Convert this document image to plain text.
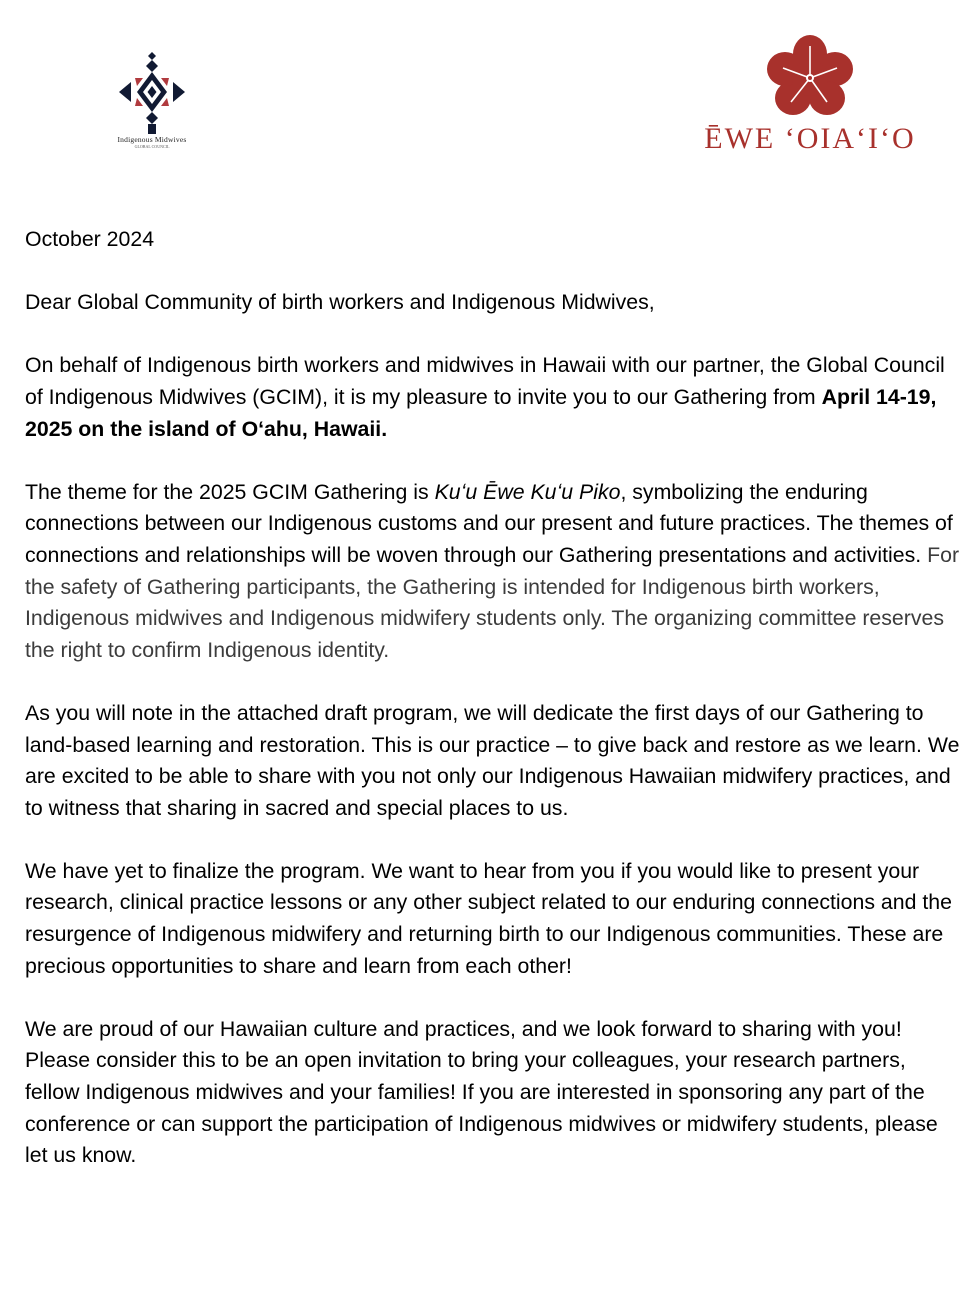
Indigenous Midwives
GLOBAL COUNCIL	ĒWE ʻOIAʻIʻO

October 2024

Dear Global Community of birth workers and Indigenous Midwives,

On behalf of Indigenous birth workers and midwives in Hawaii with our partner, the Global Council of Indigenous Midwives (GCIM), it is my pleasure to invite you to our Gathering from April 14-19, 2025 on the island of Oʻahu, Hawaii.

The theme for the 2025 GCIM Gathering is Kuʻu Ēwe Kuʻu Piko, symbolizing the enduring connections between our Indigenous customs and our present and future practices. The themes of connections and relationships will be woven through our Gathering presentations and activities. For the safety of Gathering participants, the Gathering is intended for Indigenous birth workers, Indigenous midwives and Indigenous midwifery students only. The organizing committee reserves the right to confirm Indigenous identity.

As you will note in the attached draft program, we will dedicate the first days of our Gathering to land-based learning and restoration. This is our practice – to give back and restore as we learn. We are excited to be able to share with you not only our Indigenous Hawaiian midwifery practices, and to witness that sharing in sacred and special places to us.

We have yet to finalize the program. We want to hear from you if you would like to present your research, clinical practice lessons or any other subject related to our enduring connections and the resurgence of Indigenous midwifery and returning birth to our Indigenous communities. These are precious opportunities to share and learn from each other!

We are proud of our Hawaiian culture and practices, and we look forward to sharing with you! Please consider this to be an open invitation to bring your colleagues, your research partners, fellow Indigenous midwives and your families! If you are interested in sponsoring any part of the conference or can support the participation of Indigenous midwives or midwifery students, please let us know.
